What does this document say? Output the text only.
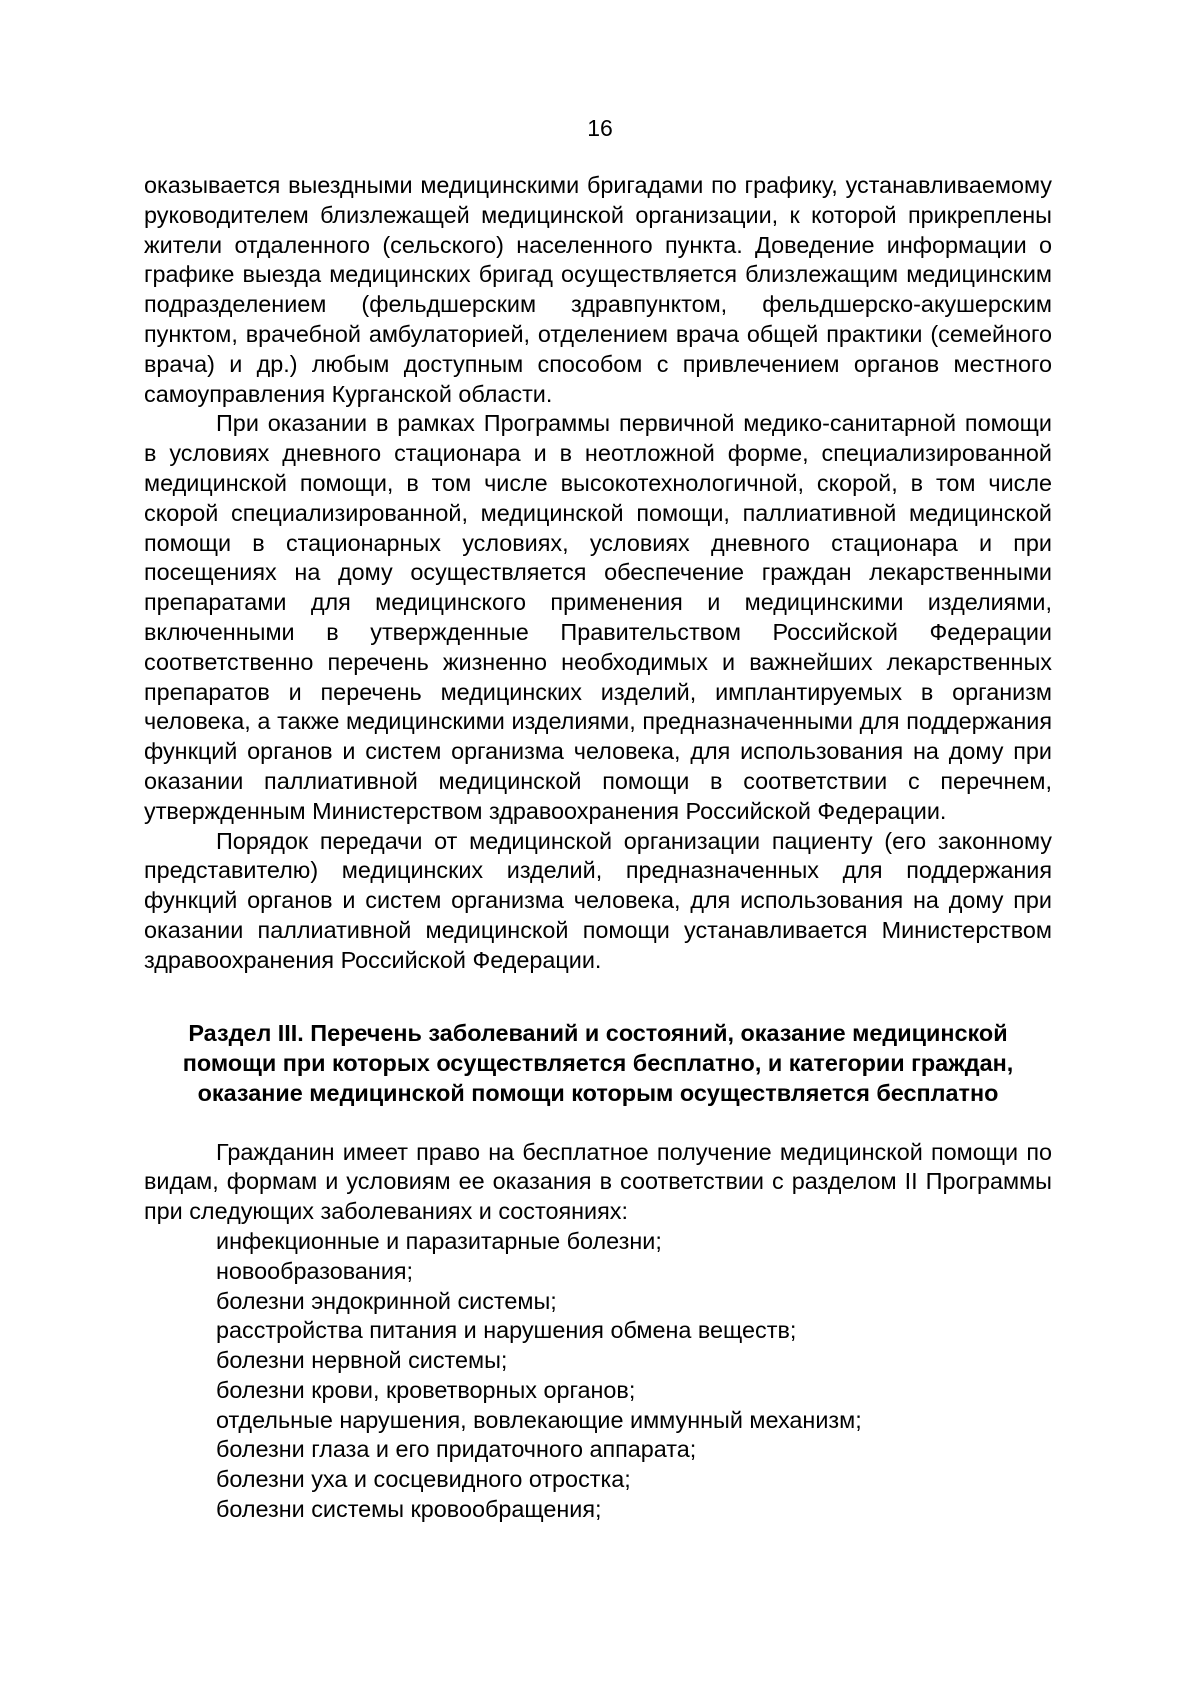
16

оказывается выездными медицинскими бригадами по графику, устанавливаемому руководителем близлежащей медицинской организации, к которой прикреплены жители отдаленного (сельского) населенного пункта. Доведение информации о графике выезда медицинских бригад осуществляется близлежащим медицинским подразделением (фельдшерским здравпунктом, фельдшерско-акушерским пунктом, врачебной амбулаторией, отделением врача общей практики (семейного врача) и др.) любым доступным способом с привлечением органов местного самоуправления Курганской области.

При оказании в рамках Программы первичной медико-санитарной помощи в условиях дневного стационара и в неотложной форме, специализированной медицинской помощи, в том числе высокотехнологичной, скорой, в том числе скорой специализированной, медицинской помощи, паллиативной медицинской помощи в стационарных условиях, условиях дневного стационара и при посещениях на дому осуществляется обеспечение граждан лекарственными препаратами для медицинского применения и медицинскими изделиями, включенными в утвержденные Правительством Российской Федерации соответственно перечень жизненно необходимых и важнейших лекарственных препаратов и перечень медицинских изделий, имплантируемых в организм человека, а также медицинскими изделиями, предназначенными для поддержания функций органов и систем организма человека, для использования на дому при оказании паллиативной медицинской помощи в соответствии с перечнем, утвержденным Министерством здравоохранения Российской Федерации.

Порядок передачи от медицинской организации пациенту (его законному представителю) медицинских изделий, предназначенных для поддержания функций органов и систем организма человека, для использования на дому при оказании паллиативной медицинской помощи устанавливается Министерством здравоохранения Российской Федерации.

Раздел III. Перечень заболеваний и состояний, оказание медицинской
помощи при которых осуществляется бесплатно, и категории граждан,
оказание медицинской помощи которым осуществляется бесплатно

Гражданин имеет право на бесплатное получение медицинской помощи по видам, формам и условиям ее оказания в соответствии с разделом II Программы при следующих заболеваниях и состояниях:

инфекционные и паразитарные болезни;
новообразования;
болезни эндокринной системы;
расстройства питания и нарушения обмена веществ;
болезни нервной системы;
болезни крови, кроветворных органов;
отдельные нарушения, вовлекающие иммунный механизм;
болезни глаза и его придаточного аппарата;
болезни уха и сосцевидного отростка;
болезни системы кровообращения;
